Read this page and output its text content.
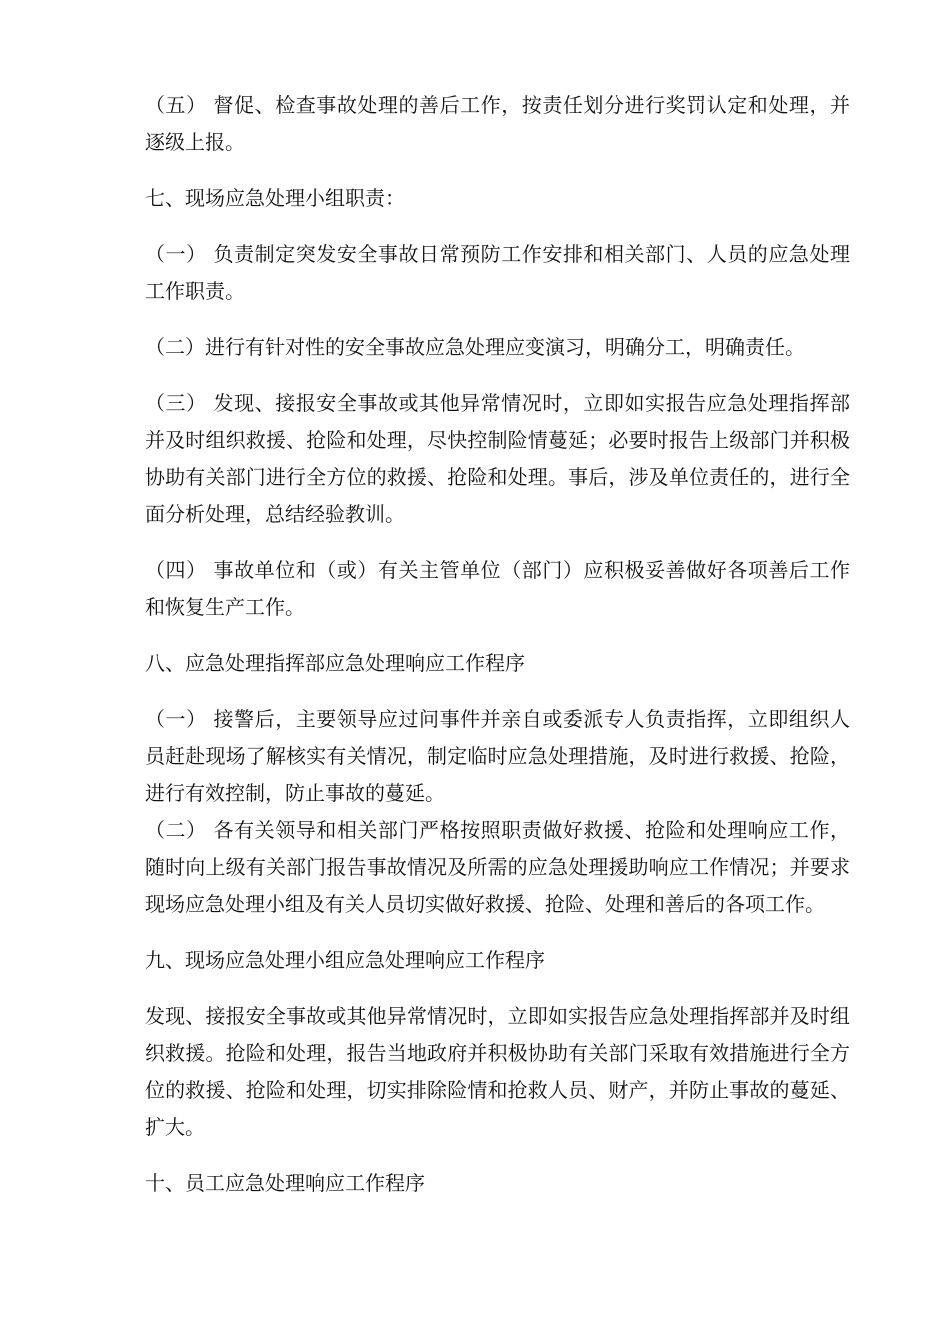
（五） 督促、检查事故处理的善后工作，按责任划分进行奖罚认定和处理，并逐级上报。

七、现场应急处理小组职责：

（一） 负责制定突发安全事故日常预防工作安排和相关部门、人员的应急处理工作职责。

（二）进行有针对性的安全事故应急处理应变演习，明确分工，明确责任。

（三） 发现、接报安全事故或其他异常情况时，立即如实报告应急处理指挥部并及时组织救援、抢险和处理，尽快控制险情蔓延；必要时报告上级部门并积极协助有关部门进行全方位的救援、抢险和处理。事后，涉及单位责任的，进行全面分析处理，总结经验教训。

（四） 事故单位和（或）有关主管单位（部门）应积极妥善做好各项善后工作和恢复生产工作。

八、应急处理指挥部应急处理响应工作程序

（一） 接警后，主要领导应过问事件并亲自或委派专人负责指挥，立即组织人员赶赴现场了解核实有关情况，制定临时应急处理措施，及时进行救援、抢险，进行有效控制，防止事故的蔓延。

（二） 各有关领导和相关部门严格按照职责做好救援、抢险和处理响应工作，随时向上级有关部门报告事故情况及所需的应急处理援助响应工作情况；并要求现场应急处理小组及有关人员切实做好救援、抢险、处理和善后的各项工作。

九、现场应急处理小组应急处理响应工作程序

发现、接报安全事故或其他异常情况时，立即如实报告应急处理指挥部并及时组织救援。抢险和处理，报告当地政府并积极协助有关部门采取有效措施进行全方位的救援、抢险和处理，切实排除险情和抢救人员、财产，并防止事故的蔓延、扩大。

十、员工应急处理响应工作程序
